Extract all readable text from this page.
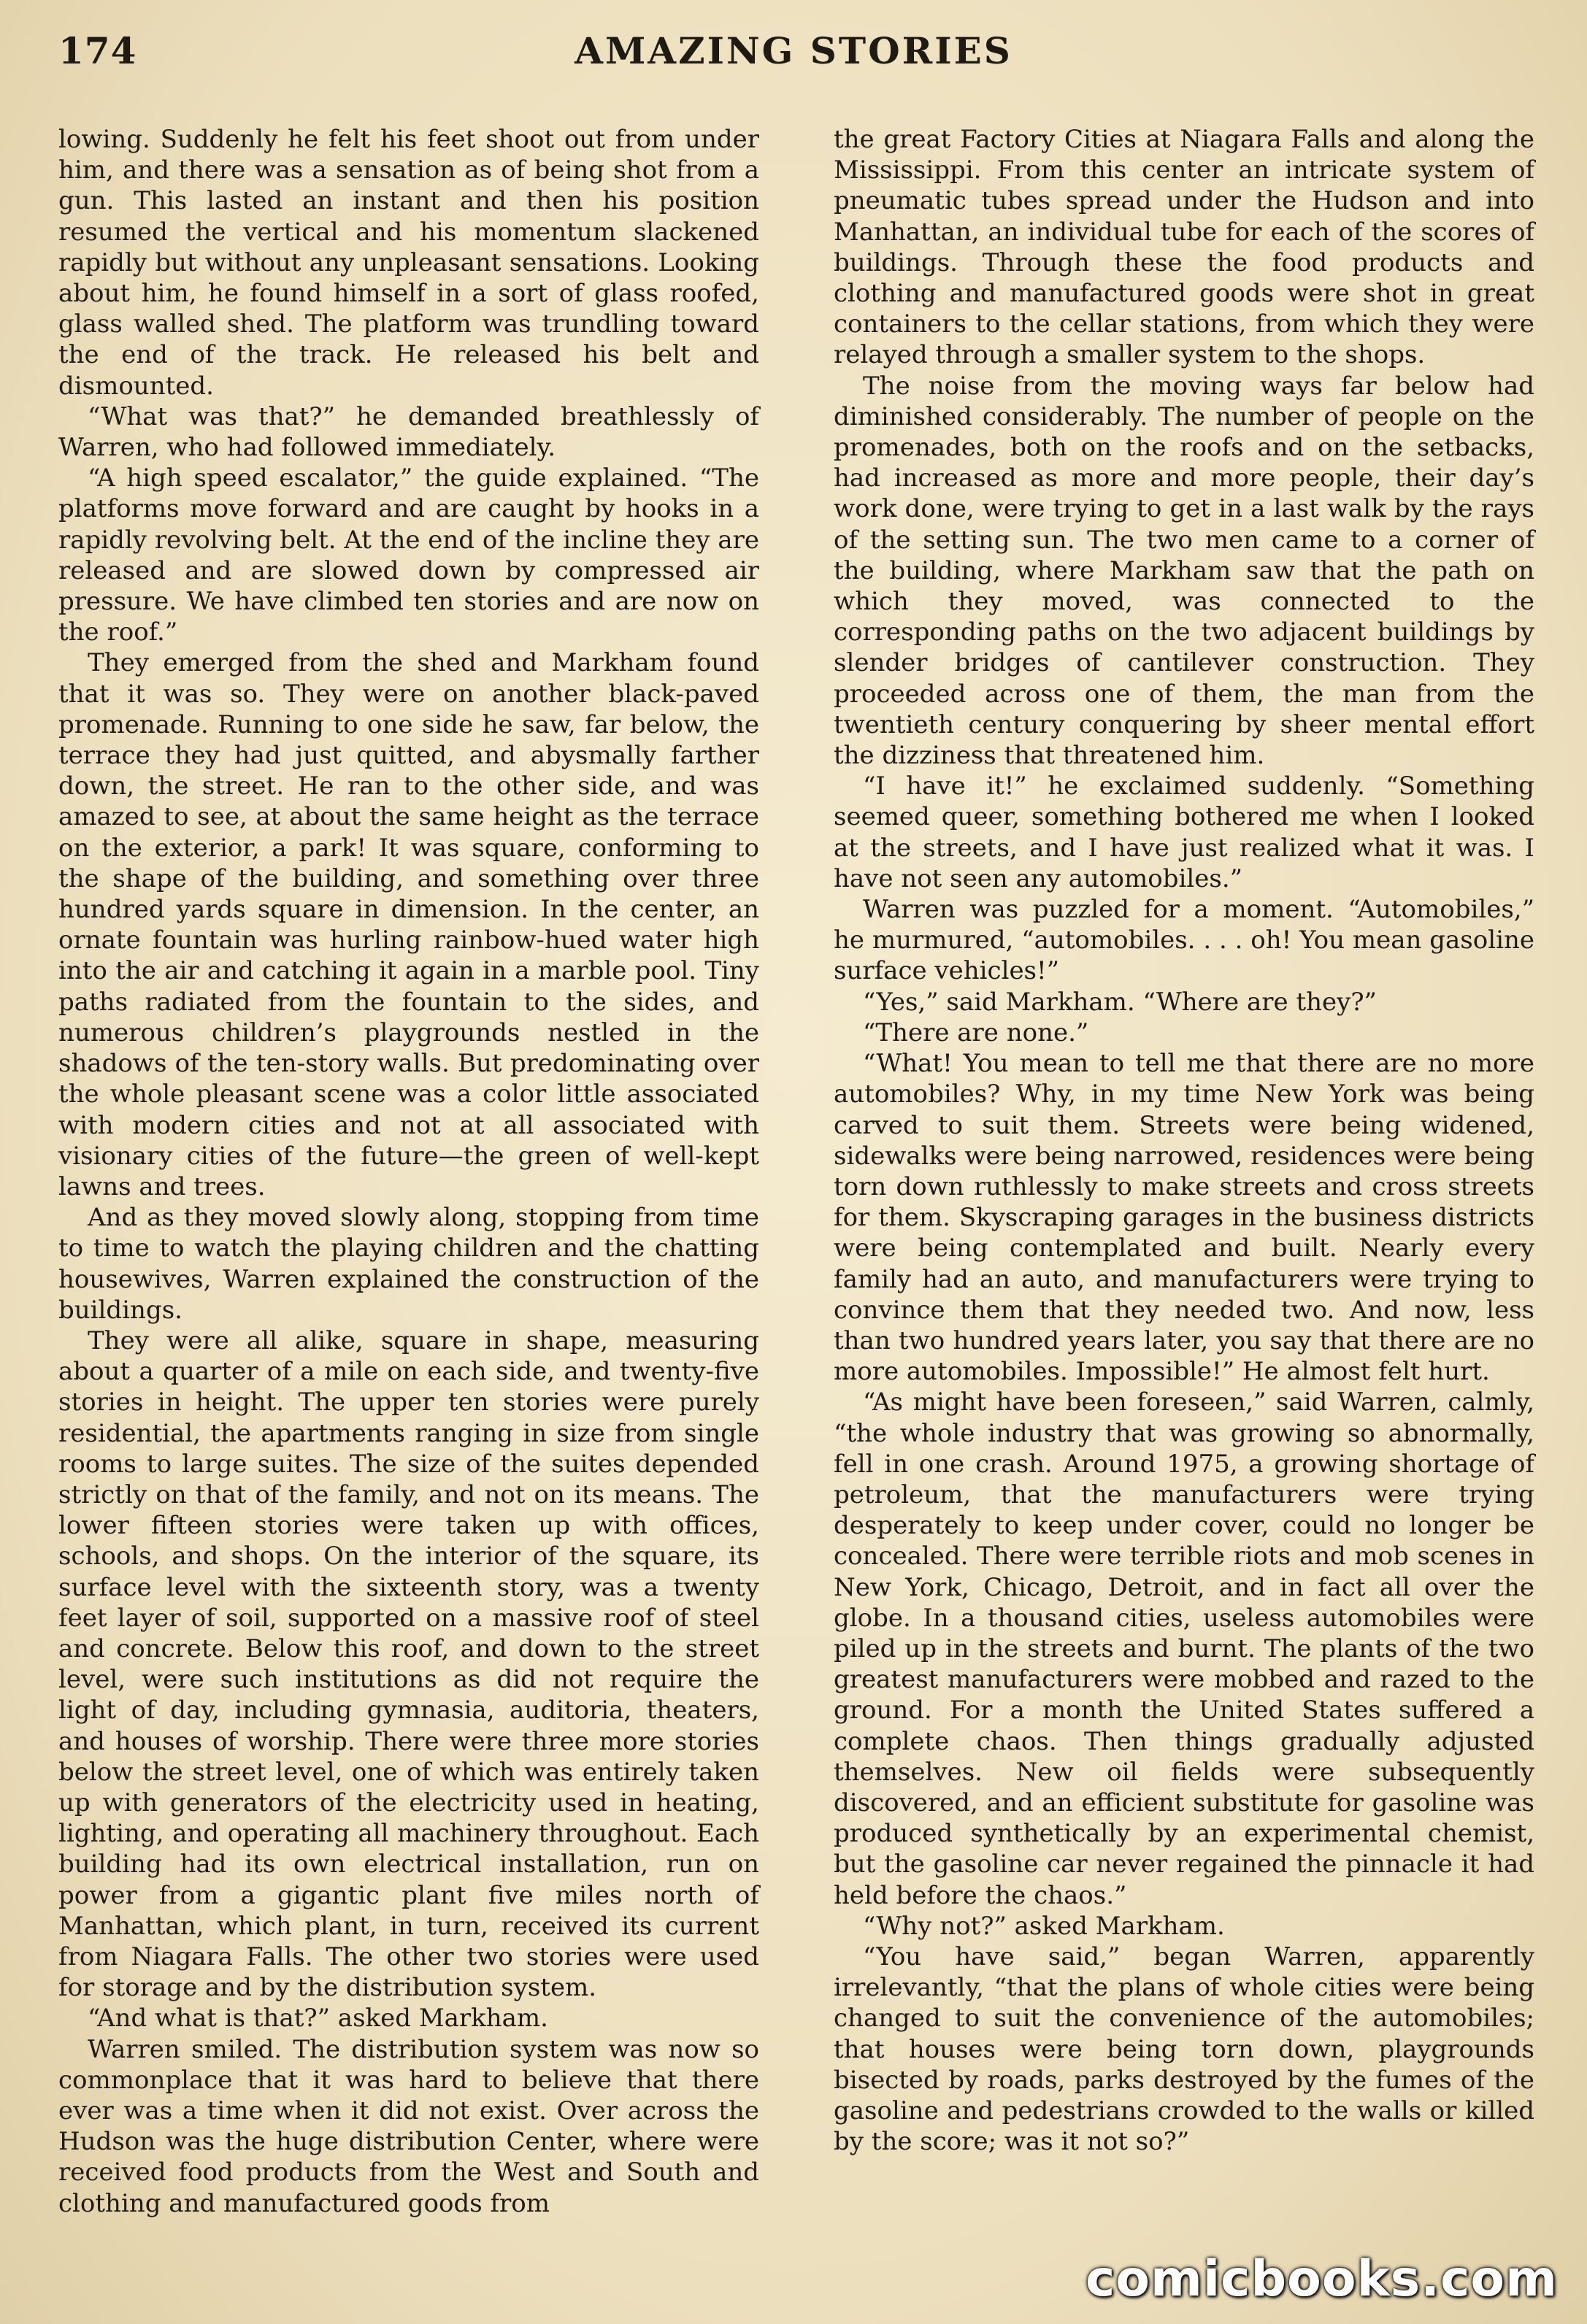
174	AMAZING STORIES

lowing. Suddenly he felt his feet shoot out from under him, and there was a sensation as of being shot from a gun. This lasted an instant and then his position resumed the vertical and his momentum slackened rapidly but without any unpleasant sensations. Looking about him, he found himself in a sort of glass roofed, glass walled shed. The platform was trundling toward the end of the track. He released his belt and dismounted.

“What was that?” he demanded breathlessly of Warren, who had followed immediately.

“A high speed escalator,” the guide explained. “The platforms move forward and are caught by hooks in a rapidly revolving belt. At the end of the incline they are released and are slowed down by compressed air pressure. We have climbed ten stories and are now on the roof.”

They emerged from the shed and Markham found that it was so. They were on another black-paved promenade. Running to one side he saw, far below, the terrace they had just quitted, and abysmally farther down, the street. He ran to the other side, and was amazed to see, at about the same height as the terrace on the exterior, a park! It was square, conforming to the shape of the building, and something over three hundred yards square in dimension. In the center, an ornate fountain was hurling rainbow-hued water high into the air and catching it again in a marble pool. Tiny paths radiated from the fountain to the sides, and numerous children’s playgrounds nestled in the shadows of the ten-story walls. But predominating over the whole pleasant scene was a color little associated with modern cities and not at all associated with visionary cities of the future—the green of well-kept lawns and trees.

And as they moved slowly along, stopping from time to time to watch the playing children and the chatting housewives, Warren explained the construction of the buildings.

They were all alike, square in shape, measuring about a quarter of a mile on each side, and twenty-five stories in height. The upper ten stories were purely residential, the apartments ranging in size from single rooms to large suites. The size of the suites depended strictly on that of the family, and not on its means. The lower fifteen stories were taken up with offices, schools, and shops. On the interior of the square, its surface level with the sixteenth story, was a twenty feet layer of soil, supported on a massive roof of steel and concrete. Below this roof, and down to the street level, were such institutions as did not require the light of day, including gymnasia, auditoria, theaters, and houses of worship. There were three more stories below the street level, one of which was entirely taken up with generators of the electricity used in heating, lighting, and operating all machinery throughout. Each building had its own electrical installation, run on power from a gigantic plant five miles north of Manhattan, which plant, in turn, received its current from Niagara Falls. The other two stories were used for storage and by the distribution system.

“And what is that?” asked Markham.

Warren smiled. The distribution system was now so commonplace that it was hard to believe that there ever was a time when it did not exist. Over across the Hudson was the huge distribution Center, where were received food products from the West and South and clothing and manufactured goods from

the great Factory Cities at Niagara Falls and along the Mississippi. From this center an intricate system of pneumatic tubes spread under the Hudson and into Manhattan, an individual tube for each of the scores of buildings. Through these the food products and clothing and manufactured goods were shot in great containers to the cellar stations, from which they were relayed through a smaller system to the shops.

The noise from the moving ways far below had diminished considerably. The number of people on the promenades, both on the roofs and on the setbacks, had increased as more and more people, their day’s work done, were trying to get in a last walk by the rays of the setting sun. The two men came to a corner of the building, where Markham saw that the path on which they moved, was connected to the corresponding paths on the two adjacent buildings by slender bridges of cantilever construction. They proceeded across one of them, the man from the twentieth century conquering by sheer mental effort the dizziness that threatened him.

“I have it!” he exclaimed suddenly. “Something seemed queer, something bothered me when I looked at the streets, and I have just realized what it was. I have not seen any automobiles.”

Warren was puzzled for a moment. “Automobiles,” he murmured, “automobiles. . . . oh! You mean gasoline surface vehicles!”

“Yes,” said Markham. “Where are they?”

“There are none.”

“What! You mean to tell me that there are no more automobiles? Why, in my time New York was being carved to suit them. Streets were being widened, sidewalks were being narrowed, residences were being torn down ruthlessly to make streets and cross streets for them. Skyscraping garages in the business districts were being contemplated and built. Nearly every family had an auto, and manufacturers were trying to convince them that they needed two. And now, less than two hundred years later, you say that there are no more automobiles. Impossible!” He almost felt hurt.

“As might have been foreseen,” said Warren, calmly, “the whole industry that was growing so abnormally, fell in one crash. Around 1975, a growing shortage of petroleum, that the manufacturers were trying desperately to keep under cover, could no longer be concealed. There were terrible riots and mob scenes in New York, Chicago, Detroit, and in fact all over the globe. In a thousand cities, useless automobiles were piled up in the streets and burnt. The plants of the two greatest manufacturers were mobbed and razed to the ground. For a month the United States suffered a complete chaos. Then things gradually adjusted themselves. New oil fields were subsequently discovered, and an efficient substitute for gasoline was produced synthetically by an experimental chemist, but the gasoline car never regained the pinnacle it had held before the chaos.”

“Why not?” asked Markham.

“You have said,” began Warren, apparently irrelevantly, “that the plans of whole cities were being changed to suit the convenience of the automobiles; that houses were being torn down, playgrounds bisected by roads, parks destroyed by the fumes of the gasoline and pedestrians crowded to the walls or killed by the score; was it not so?”

comicbooks.com
